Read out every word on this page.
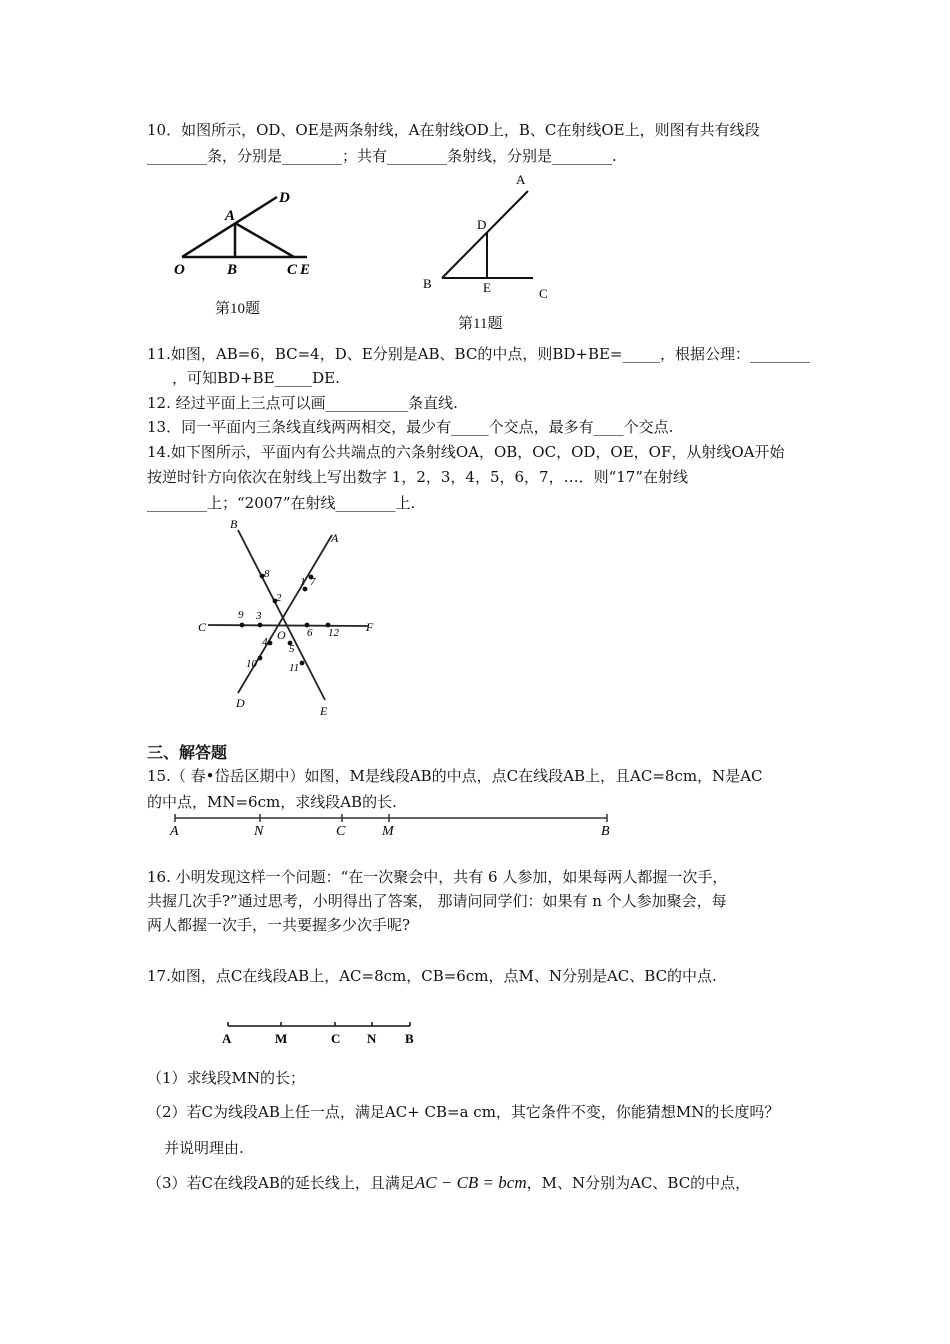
10．如图所示，OD、OE是两条射线，A在射线OD上，B、C在射线OE上，则图有共有线段
________条，分别是________；共有________条射线，分别是________.
D
A
O	B	C E
第10题
A
D
B	E	C
第11题
11.如图，AB=6，BC=4，D、E分别是AB、BC的中点，则BD+BE=_____，根据公理：________
，可知BD+BE_____DE.
12. 经过平面上三点可以画___________条直线.
13．同一平面内三条线直线两两相交，最少有_____个交点，最多有____个交点.
14.如下图所示，平面内有公共端点的六条射线OA，OB，OC，OD，OE，OF，从射线OA开始
按逆时针方向依次在射线上写出数字 1，2，3，4，5，6，7，…．则“17”在射线
________上；“2007”在射线________上.
1
2
3
4
5
6
7
8
9
10	11
12
B
A
C	F
O
D
E
三、解答题
15.（ 春•岱岳区期中）如图，M是线段AB的中点，点C在线段AB上，且AC=8cm，N是AC
的中点，MN=6cm，求线段AB的长.
A	N	C	M	B
16. 小明发现这样一个问题：“在一次聚会中，共有 6 人参加，如果每两人都握一次手，
共握几次手?”通过思考，小明得出了答案， 那请问同学们：如果有 n 个人参加聚会，每
两人都握一次手，一共要握多少次手呢?
17.如图，点C在线段AB上，AC=8cm，CB=6cm，点M、N分别是AC、BC的中点.
A	M	C N B
（1）求线段MN的长；
（2）若C为线段AB上任一点，满足AC+ CB=a cm，其它条件不变，你能猜想MN的长度吗？
并说明理由.
（3）若C在线段AB的延长线上，且满足AC − CB = bcm，M、N分别为AC、BC的中点，
